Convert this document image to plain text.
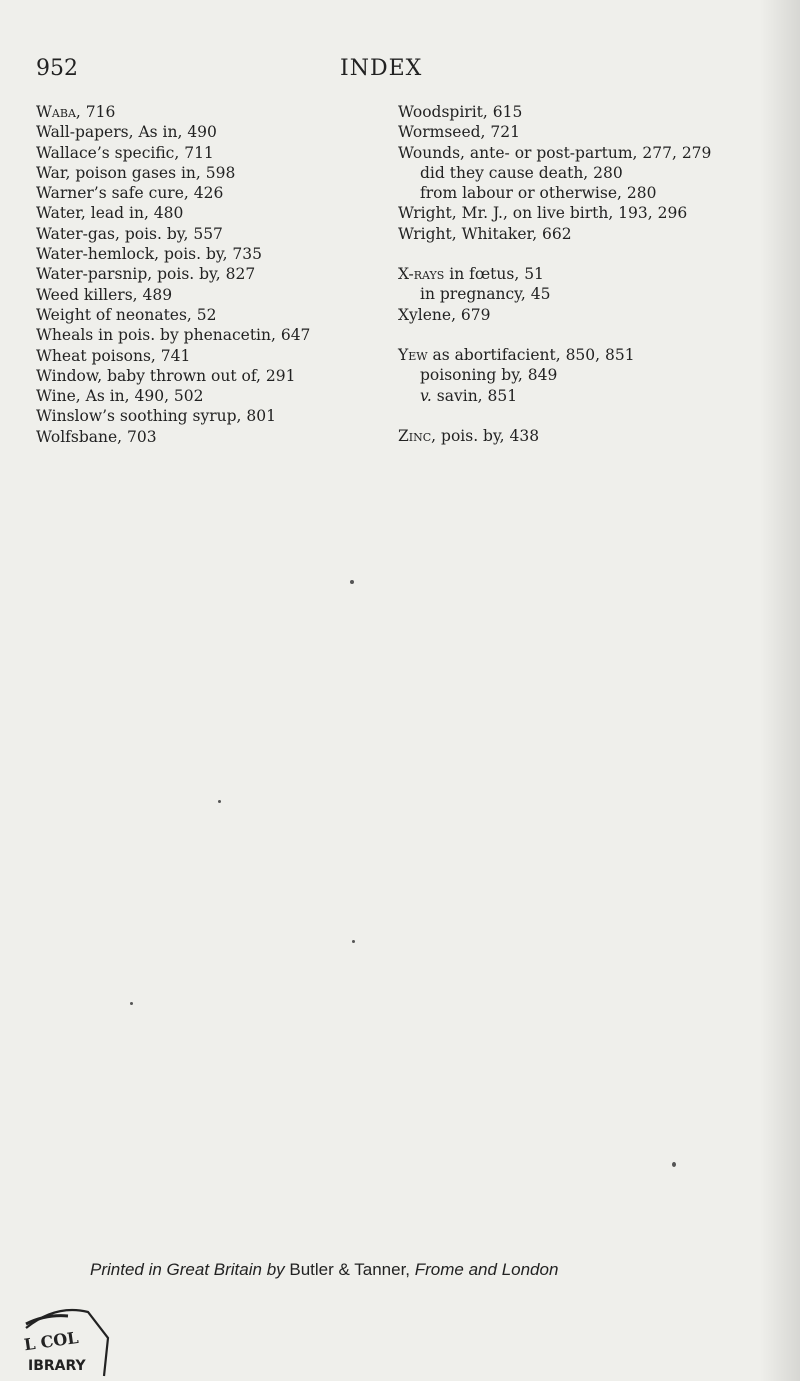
952	INDEX
Waba, 716
Wall-papers, As in, 490
Wallace’s specific, 711
War, poison gases in, 598
Warner’s safe cure, 426
Water, lead in, 480
Water-gas, pois. by, 557
Water-hemlock, pois. by, 735
Water-parsnip, pois. by, 827
Weed killers, 489
Weight of neonates, 52
Wheals in pois. by phenacetin, 647
Wheat poisons, 741
Window, baby thrown out of, 291
Wine, As in, 490, 502
Winslow’s soothing syrup, 801
Wolfsbane, 703
Woodspirit, 615
Wormseed, 721
Wounds, ante- or post-partum, 277, 279
did they cause death, 280
from labour or otherwise, 280
Wright, Mr. J., on live birth, 193, 296
Wright, Whitaker, 662
X-rays in fœtus, 51
in pregnancy, 45
Xylene, 679
Yew as abortifacient, 850, 851
poisoning by, 849
v. savin, 851
Zinc, pois. by, 438
Printed in Great Britain by Butler & Tanner, Frome and London
L COL
IBRARY
